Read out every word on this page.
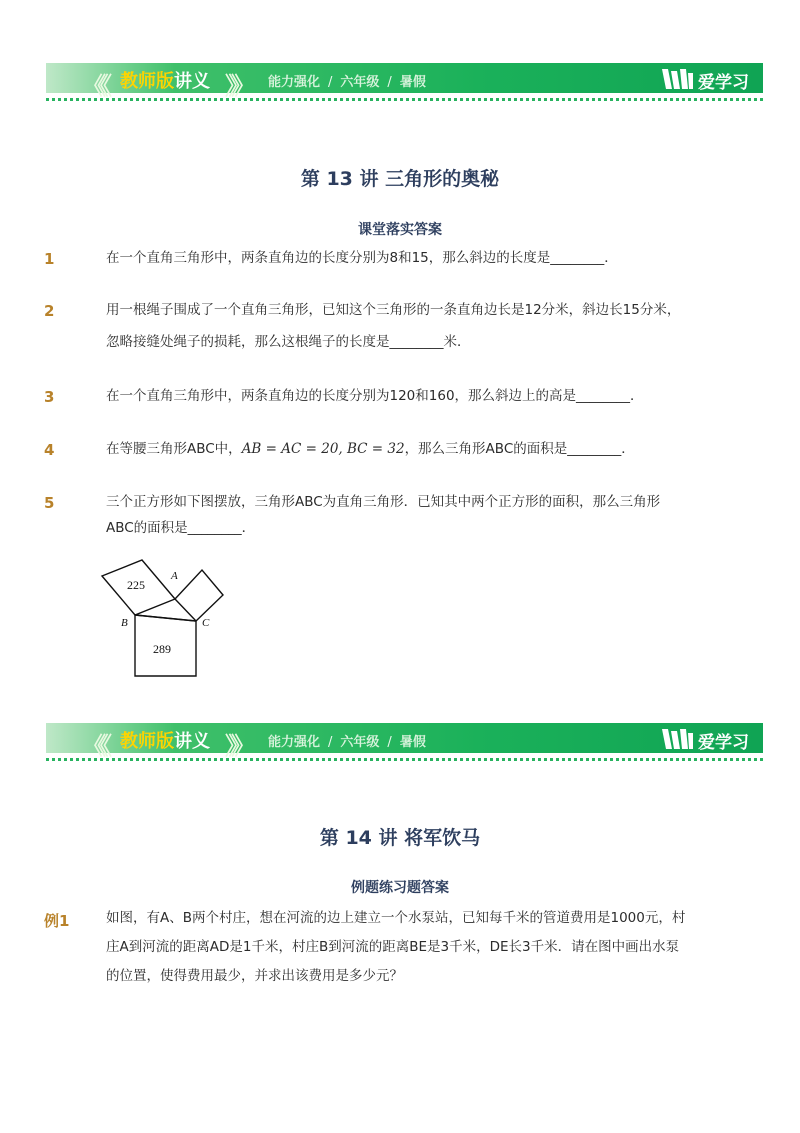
《《 教师版讲义 》》 能力强化 / 六年级 / 暑假	爱学习
第 13 讲 三角形的奥秘
课堂落实答案
1	在一个直角三角形中，两条直角边的长度分别为8和15，那么斜边的长度是________．
2	用一根绳子围成了一个直角三角形，已知这个三角形的一条直角边长是12分米，斜边长15分米，
忽略接缝处绳子的损耗，那么这根绳子的长度是________米．
3	在一个直角三角形中，两条直角边的长度分别为120和160，那么斜边上的高是________．
4	在等腰三角形ABC中，AB = AC = 20, BC = 32，那么三角形ABC的面积是________．
5	三个正方形如下图摆放，三角形ABC为直角三角形．已知其中两个正方形的面积，那么三角形
ABC的面积是________．
225
289
A
B	C
《《 教师版讲义 》》 能力强化 / 六年级 / 暑假	爱学习
第 14 讲 将军饮马
例题练习题答案
例1	如图，有A、B两个村庄，想在河流的边上建立一个水泵站，已知每千米的管道费用是1000元，村
庄A到河流的距离AD是1千米，村庄B到河流的距离BE是3千米，DE长3千米．请在图中画出水泵
的位置，使得费用最少，并求出该费用是多少元？
